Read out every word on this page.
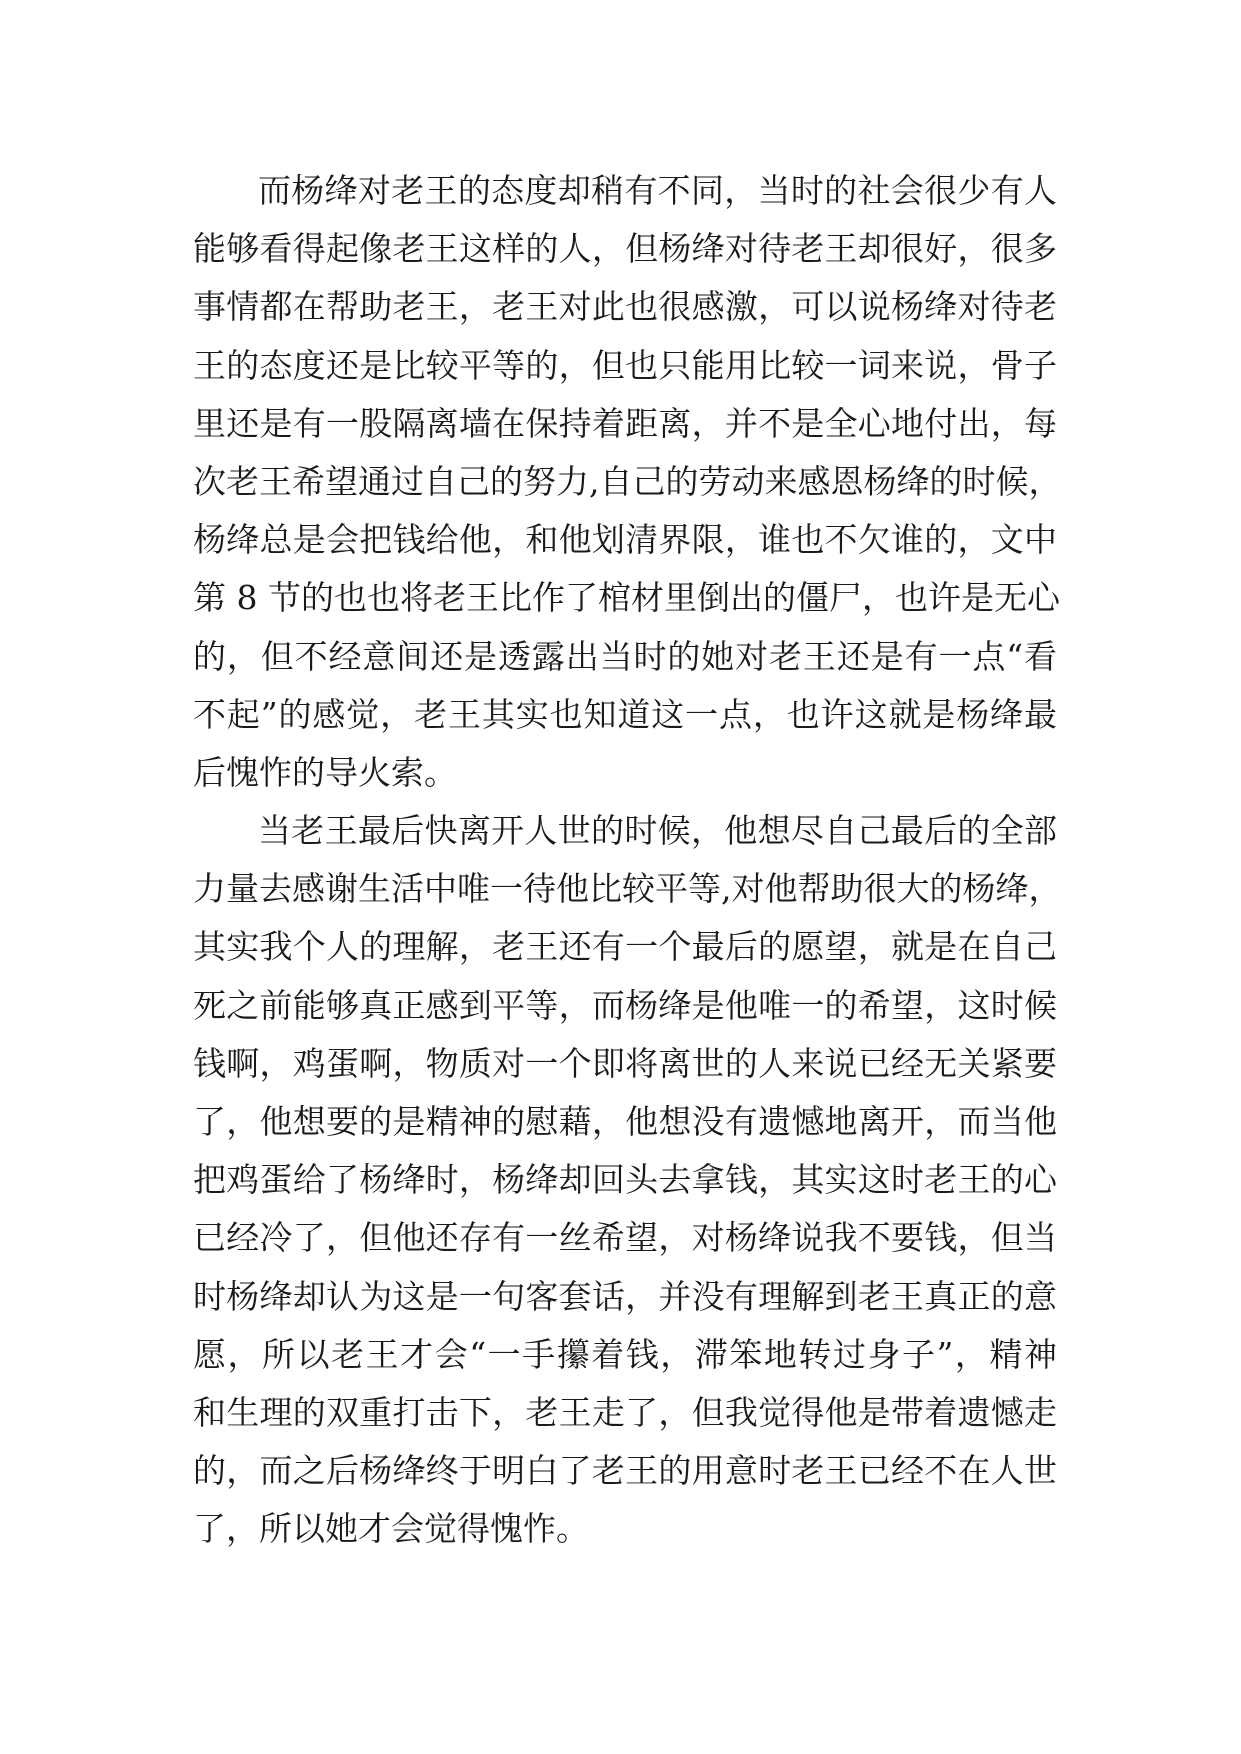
而杨绛对老王的态度却稍有不同，当时的社会很少有人
能够看得起像老王这样的人，但杨绛对待老王却很好，很多
事情都在帮助老王，老王对此也很感激，可以说杨绛对待老
王的态度还是比较平等的，但也只能用比较一词来说，骨子
里还是有一股隔离墙在保持着距离，并不是全心地付出，每
次老王希望通过自己的努力,自己的劳动来感恩杨绛的时候，
杨绛总是会把钱给他，和他划清界限，谁也不欠谁的，文中
第 8 节的也也将老王比作了棺材里倒出的僵尸，也许是无心
的，但不经意间还是透露出当时的她对老王还是有一点“看
不起”的感觉，老王其实也知道这一点，也许这就是杨绛最
后愧怍的导火索。
当老王最后快离开人世的时候，他想尽自己最后的全部
力量去感谢生活中唯一待他比较平等,对他帮助很大的杨绛，
其实我个人的理解，老王还有一个最后的愿望，就是在自己
死之前能够真正感到平等，而杨绛是他唯一的希望，这时候
钱啊，鸡蛋啊，物质对一个即将离世的人来说已经无关紧要
了，他想要的是精神的慰藉，他想没有遗憾地离开，而当他
把鸡蛋给了杨绛时，杨绛却回头去拿钱，其实这时老王的心
已经冷了，但他还存有一丝希望，对杨绛说我不要钱，但当
时杨绛却认为这是一句客套话，并没有理解到老王真正的意
愿，所以老王才会“一手攥着钱，滞笨地转过身子”，精神
和生理的双重打击下，老王走了，但我觉得他是带着遗憾走
的，而之后杨绛终于明白了老王的用意时老王已经不在人世
了，所以她才会觉得愧怍。
